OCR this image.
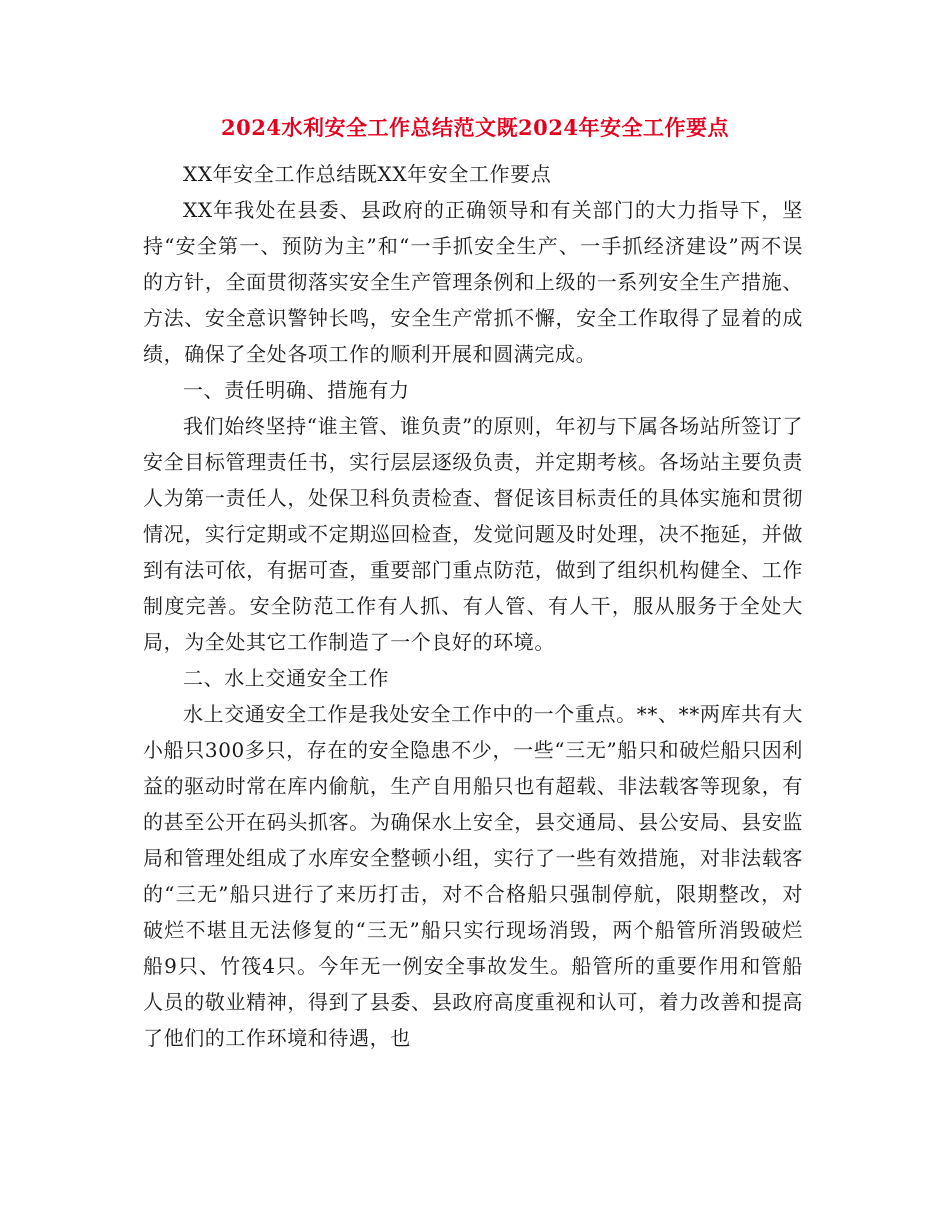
2024水利安全工作总结范文既2024年安全工作要点

XX年安全工作总结既XX年安全工作要点

XX年我处在县委、县政府的正确领导和有关部门的大力指导下，坚持“安全第一、预防为主”和“一手抓安全生产、一手抓经济建设”两不误的方针，全面贯彻落实安全生产管理条例和上级的一系列安全生产措施、方法、安全意识警钟长鸣，安全生产常抓不懈，安全工作取得了显着的成绩，确保了全处各项工作的顺利开展和圆满完成。

一、责任明确、措施有力

我们始终坚持“谁主管、谁负责”的原则，年初与下属各场站所签订了安全目标管理责任书，实行层层逐级负责，并定期考核。各场站主要负责人为第一责任人，处保卫科负责检查、督促该目标责任的具体实施和贯彻情况，实行定期或不定期巡回检查，发觉问题及时处理，决不拖延，并做到有法可依，有据可查，重要部门重点防范，做到了组织机构健全、工作制度完善。安全防范工作有人抓、有人管、有人干，服从服务于全处大局，为全处其它工作制造了一个良好的环境。

二、水上交通安全工作

水上交通安全工作是我处安全工作中的一个重点。**、**两库共有大小船只300多只，存在的安全隐患不少，一些“三无”船只和破烂船只因利益的驱动时常在库内偷航，生产自用船只也有超载、非法载客等现象，有的甚至公开在码头抓客。为确保水上安全，县交通局、县公安局、县安监局和管理处组成了水库安全整顿小组，实行了一些有效措施，对非法载客的“三无”船只进行了来历打击，对不合格船只强制停航，限期整改，对破烂不堪且无法修复的“三无”船只实行现场消毁，两个船管所消毁破烂船9只、竹筏4只。今年无一例安全事故发生。船管所的重要作用和管船人员的敬业精神，得到了县委、县政府高度重视和认可，着力改善和提高了他们的工作环境和待遇，也
